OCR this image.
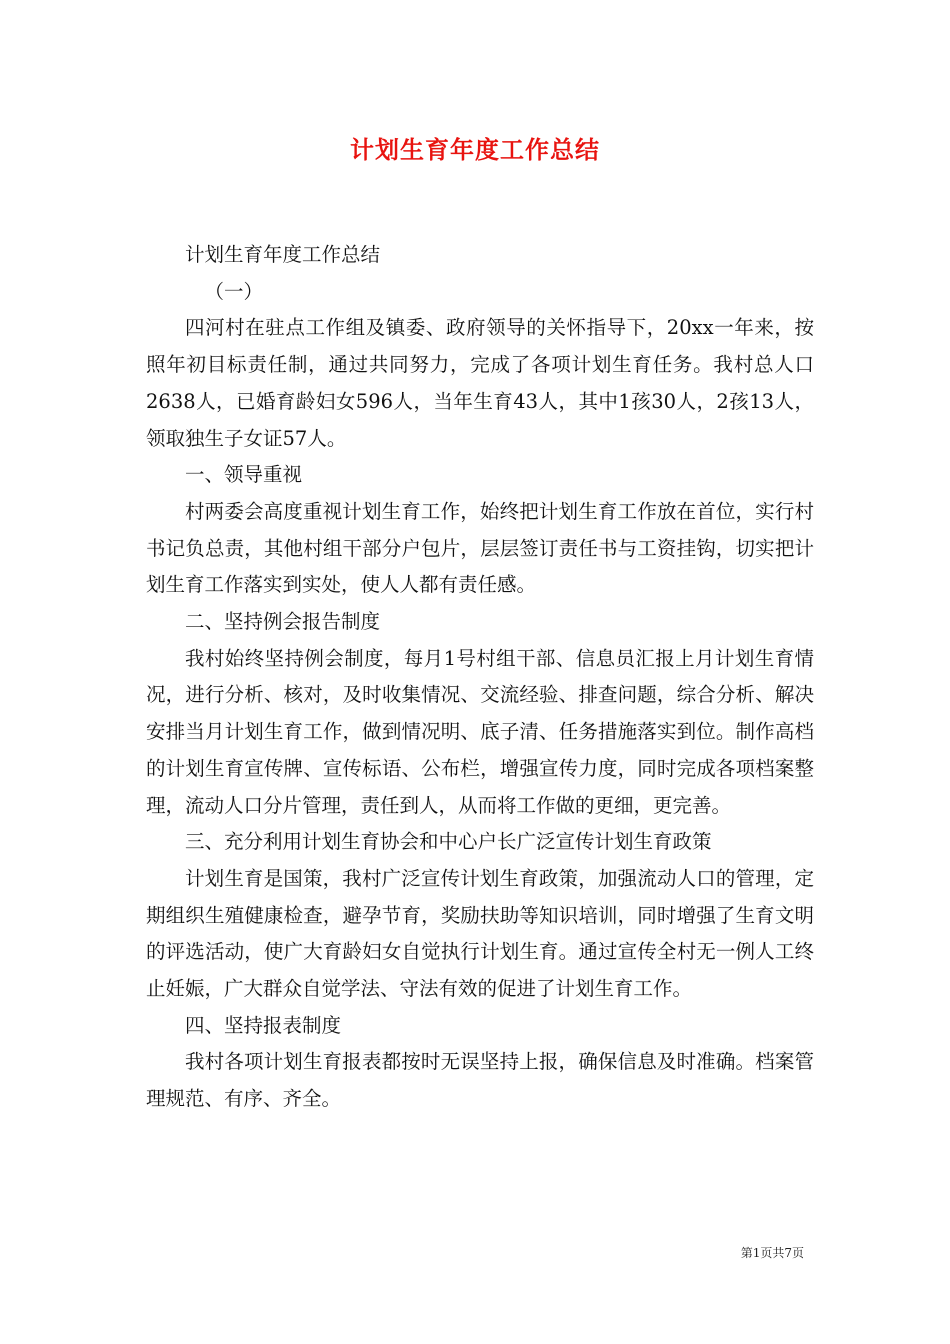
计划生育年度工作总结

计划生育年度工作总结

（一）

四河村在驻点工作组及镇委、政府领导的关怀指导下，20xx一年来，按照年初目标责任制，通过共同努力，完成了各项计划生育任务。我村总人口2638人，已婚育龄妇女596人，当年生育43人，其中1孩30人，2孩13人，领取独生子女证57人。

一、领导重视

村两委会高度重视计划生育工作，始终把计划生育工作放在首位，实行村书记负总责，其他村组干部分户包片，层层签订责任书与工资挂钩，切实把计划生育工作落实到实处，使人人都有责任感。

二、坚持例会报告制度

我村始终坚持例会制度，每月1号村组干部、信息员汇报上月计划生育情况，进行分析、核对，及时收集情况、交流经验、排查问题，综合分析、解决安排当月计划生育工作，做到情况明、底子清、任务措施落实到位。制作高档的计划生育宣传牌、宣传标语、公布栏，增强宣传力度，同时完成各项档案整理，流动人口分片管理，责任到人，从而将工作做的更细，更完善。

三、充分利用计划生育协会和中心户长广泛宣传计划生育政策

计划生育是国策，我村广泛宣传计划生育政策，加强流动人口的管理，定期组织生殖健康检查，避孕节育，奖励扶助等知识培训，同时增强了生育文明的评选活动，使广大育龄妇女自觉执行计划生育。通过宣传全村无一例人工终止妊娠，广大群众自觉学法、守法有效的促进了计划生育工作。

四、坚持报表制度

我村各项计划生育报表都按时无误坚持上报，确保信息及时准确。档案管理规范、有序、齐全。

第1页共7页
